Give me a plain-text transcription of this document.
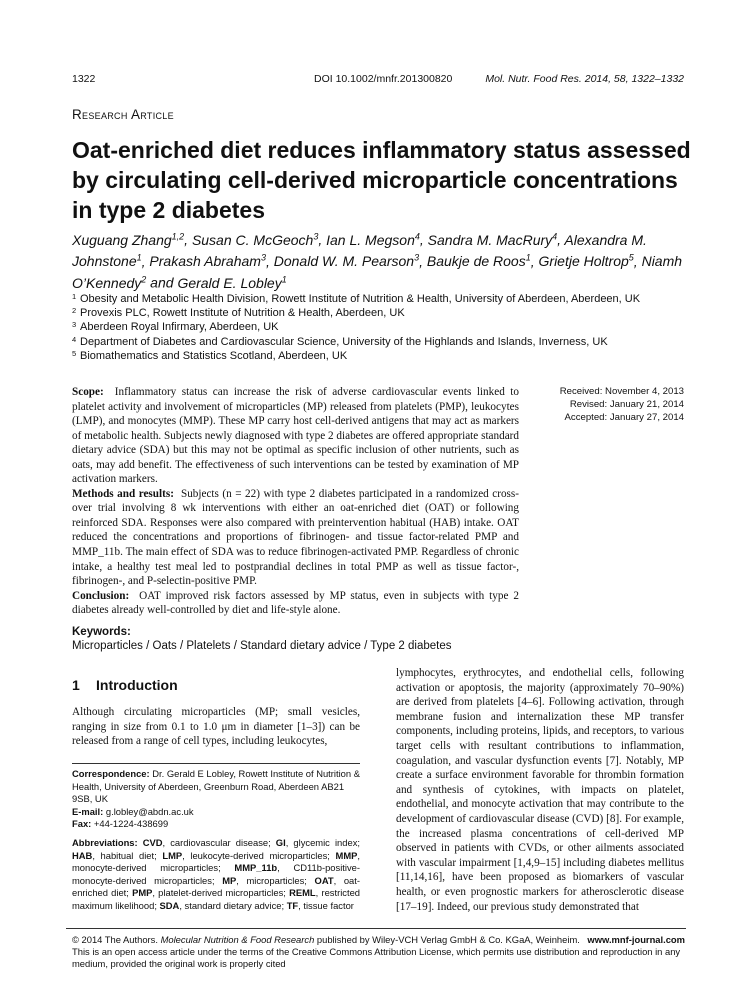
1322	DOI 10.1002/mnfr.201300820	Mol. Nutr. Food Res. 2014, 58, 1322–1332
Research Article
Oat-enriched diet reduces inflammatory status assessed by circulating cell-derived microparticle concentrations in type 2 diabetes
Xuguang Zhang$^{1,2}$, Susan C. McGeoch$^3$, Ian L. Megson$^4$, Sandra M. MacRury$^4$, Alexandra M. Johnstone$^1$, Prakash Abraham$^3$, Donald W. M. Pearson$^3$, Baukje de Roos$^1$, Grietje Holtrop$^5$, Niamh O’Kennedy$^2$ and Gerald E. Lobley$^1$
1 Obesity and Metabolic Health Division, Rowett Institute of Nutrition & Health, University of Aberdeen, Aberdeen, UK
2 Provexis PLC, Rowett Institute of Nutrition & Health, Aberdeen, UK
3 Aberdeen Royal Infirmary, Aberdeen, UK
4 Department of Diabetes and Cardiovascular Science, University of the Highlands and Islands, Inverness, UK
5 Biomathematics and Statistics Scotland, Aberdeen, UK

Scope: Inflammatory status can increase the risk of adverse cardiovascular events linked to platelet activity and involvement of microparticles (MP) released from platelets (PMP), leukocytes (LMP), and monocytes (MMP). These MP carry host cell-derived antigens that may act as markers of metabolic health. Subjects newly diagnosed with type 2 diabetes are offered appropriate standard dietary advice (SDA) but this may not be optimal as specific inclusion of other nutrients, such as oats, may add benefit. The effectiveness of such interventions can be tested by examination of MP activation markers.

Methods and results: Subjects (n = 22) with type 2 diabetes participated in a randomized cross-over trial involving 8 wk interventions with either an oat-enriched diet (OAT) or following reinforced SDA. Responses were also compared with preintervention habitual (HAB) intake. OAT reduced the concentrations and proportions of fibrinogen- and tissue factor-related PMP and MMP_11b. The main effect of SDA was to reduce fibrinogen-activated PMP. Regardless of chronic intake, a healthy test meal led to postprandial declines in total PMP as well as tissue factor-, fibrinogen-, and P-selectin-positive PMP.

Conclusion: OAT improved risk factors assessed by MP status, even in subjects with type 2 diabetes already well-controlled by diet and life-style alone.

Received: November 4, 2013
Revised: January 21, 2014
Accepted: January 27, 2014
Keywords:
Microparticles / Oats / Platelets / Standard dietary advice / Type 2 diabetes
1 Introduction

Although circulating microparticles (MP; small vesicles, ranging in size from 0.1 to 1.0 μm in diameter [1–3]) can be released from a range of cell types, including leukocytes,

lymphocytes, erythrocytes, and endothelial cells, following activation or apoptosis, the majority (approximately 70–90%) are derived from platelets [4–6]. Following activation, through membrane fusion and internalization these MP transfer components, including proteins, lipids, and receptors, to various target cells with resultant contributions to inflammation, coagulation, and vascular dysfunction events [7]. Notably, MP create a surface environment favorable for thrombin formation and synthesis of cytokines, with impacts on platelet, endothelial, and monocyte activation that may contribute to the development of cardiovascular disease (CVD) [8]. For example, the increased plasma concentrations of cell-derived MP observed in patients with CVDs, or other ailments associated with vascular impairment [1,4,9–15] including diabetes mellitus [11,14,16], have been proposed as biomarkers of vascular health, or even prognostic markers for atherosclerotic disease [17–19]. Indeed, our previous study demonstrated that

Correspondence: Dr. Gerald E Lobley, Rowett Institute of Nutrition & Health, University of Aberdeen, Greenburn Road, Aberdeen AB21 9SB, UK
E-mail: g.lobley@abdn.ac.uk
Fax: +44-1224-438699
Abbreviations: CVD, cardiovascular disease; GI, glycemic index; HAB, habitual diet; LMP, leukocyte-derived microparticles; MMP, monocyte-derived microparticles; MMP_11b, CD11b-positive-monocyte-derived microparticles; MP, microparticles; OAT, oat-enriched diet; PMP, platelet-derived microparticles; REML, restricted maximum likelihood; SDA, standard dietary advice; TF, tissue factor
© 2014 The Authors. Molecular Nutrition & Food Research published by Wiley-VCH Verlag GmbH & Co. KGaA, Weinheim. www.mnf-journal.com
This is an open access article under the terms of the Creative Commons Attribution License, which permits use distribution and reproduction in any medium, provided the original work is properly cited
